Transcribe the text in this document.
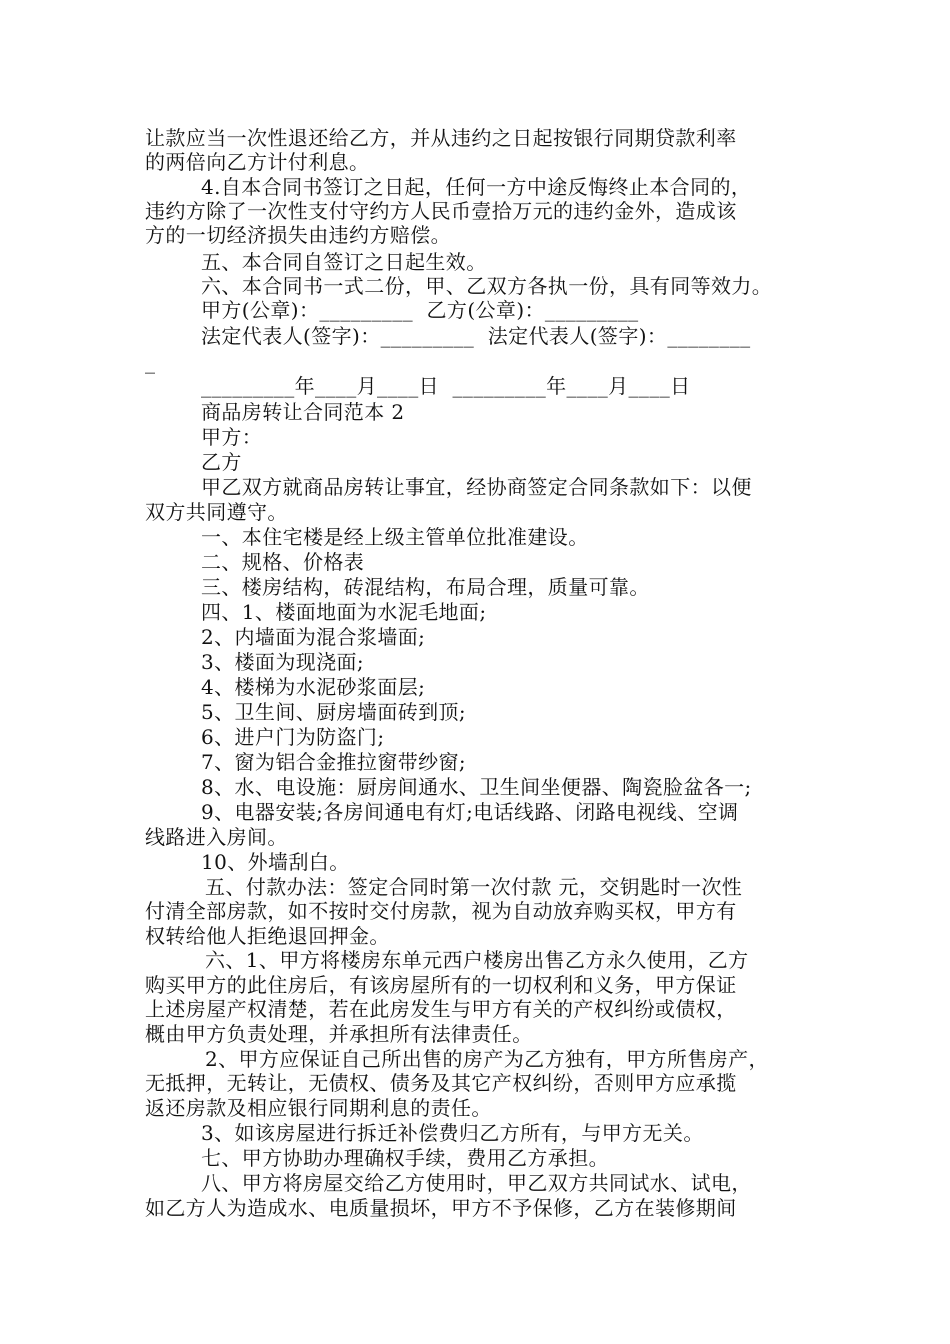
让款应当一次性退还给乙方，并从违约之日起按银行同期贷款利率
的两倍向乙方计付利息。
4.自本合同书签订之日起，任何一方中途反悔终止本合同的，
违约方除了一次性支付守约方人民币壹拾万元的违约金外，造成该
方的一切经济损失由违约方赔偿。
五、本合同自签订之日起生效。
六、本合同书一式二份，甲、乙双方各执一份，具有同等效力。
甲方(公章)：_________  乙方(公章)：_________
法定代表人(签字)：_________  法定代表人(签字)：________
_
_________年____月____日  _________年____月____日
商品房转让合同范本 2
甲方：
乙方
甲乙双方就商品房转让事宜，经协商签定合同条款如下：以便
双方共同遵守。
一、本住宅楼是经上级主管单位批准建设。
二、规格、价格表
三、楼房结构，砖混结构，布局合理，质量可靠。
四、1、楼面地面为水泥毛地面;
2、内墙面为混合浆墙面;
3、楼面为现浇面;
4、楼梯为水泥砂浆面层;
5、卫生间、厨房墙面砖到顶;
6、进户门为防盗门;
7、窗为铝合金推拉窗带纱窗;
8、水、电设施：厨房间通水、卫生间坐便器、陶瓷脸盆各一;
9、电器安装;各房间通电有灯;电话线路、闭路电视线、空调
线路进入房间。
10、外墙刮白。
五、付款办法：签定合同时第一次付款 元，交钥匙时一次性
付清全部房款，如不按时交付房款，视为自动放弃购买权，甲方有
权转给他人拒绝退回押金。
六、1、甲方将楼房东单元西户楼房出售乙方永久使用，乙方
购买甲方的此住房后，有该房屋所有的一切权利和义务，甲方保证
上述房屋产权清楚，若在此房发生与甲方有关的产权纠纷或债权，
概由甲方负责处理，并承担所有法律责任。
2、甲方应保证自己所出售的房产为乙方独有，甲方所售房产，
无抵押，无转让，无债权、债务及其它产权纠纷，否则甲方应承揽
返还房款及相应银行同期利息的责任。
3、如该房屋进行拆迁补偿费归乙方所有，与甲方无关。
七、甲方协助办理确权手续，费用乙方承担。
八、甲方将房屋交给乙方使用时，甲乙双方共同试水、试电，
如乙方人为造成水、电质量损坏，甲方不予保修，乙方在装修期间
